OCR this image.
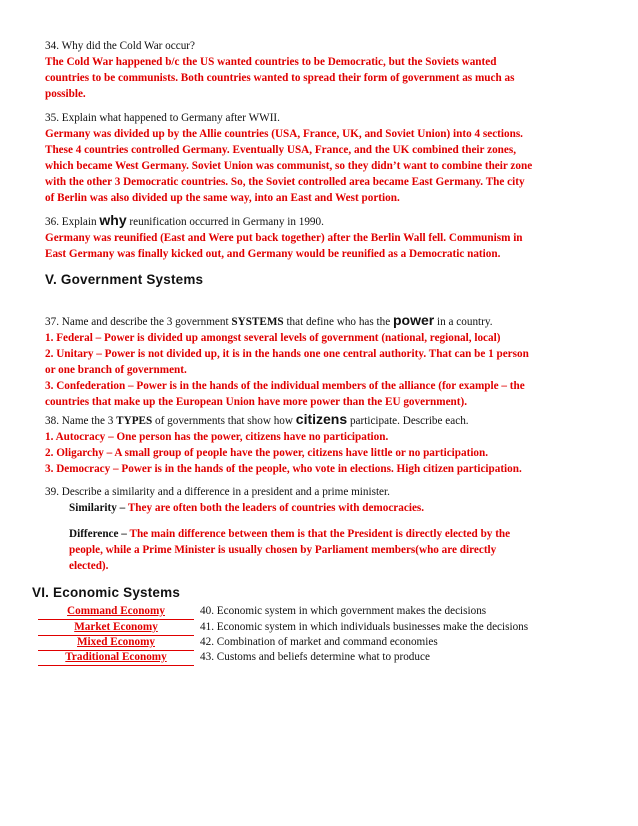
34. Why did the Cold War occur?
The Cold War happened b/c the US wanted countries to be Democratic, but the Soviets wanted
countries to be communists. Both countries wanted to spread their form of government as much as
possible.
35. Explain what happened to Germany after WWII.
Germany was divided up by the Allie countries (USA, France, UK, and Soviet Union) into 4 sections.
These 4 countries controlled Germany. Eventually USA, France, and the UK combined their zones,
which became West Germany. Soviet Union was communist, so they didn’t want to combine their zone
with the other 3 Democratic countries. So, the Soviet controlled area became East Germany. The city
of Berlin was also divided up the same way, into an East and West portion.
36. Explain why reunification occurred in Germany in 1990.
Germany was reunified (East and Were put back together) after the Berlin Wall fell. Communism in
East Germany was finally kicked out, and Germany would be reunified as a Democratic nation.
V. Government Systems
37. Name and describe the 3 government SYSTEMS that define who has the power in a country.
1. Federal – Power is divided up amongst several levels of government (national, regional, local)
2. Unitary – Power is not divided up, it is in the hands one one central authority. That can be 1 person
or one branch of government.
3. Confederation – Power is in the hands of the individual members of the alliance (for example – the
countries that make up the European Union have more power than the EU government).
38. Name the 3 TYPES of governments that show how citizens participate. Describe each.
1. Autocracy – One person has the power, citizens have no participation.
2. Oligarchy – A small group of people have the power, citizens have little or no participation.
3. Democracy – Power is in the hands of the people, who vote in elections. High citizen participation.
39. Describe a similarity and a difference in a president and a prime minister.
Similarity – They are often both the leaders of countries with democracies.
Difference – The main difference between them is that the President is directly elected by the
people, while a Prime Minister is usually chosen by Parliament members(who are directly
elected).
VI. Economic Systems
Command Economy	40. Economic system in which government makes the decisions
Market Economy	41. Economic system in which individuals businesses make the decisions
Mixed Economy	42. Combination of market and command economies
Traditional Economy	43. Customs and beliefs determine what to produce
